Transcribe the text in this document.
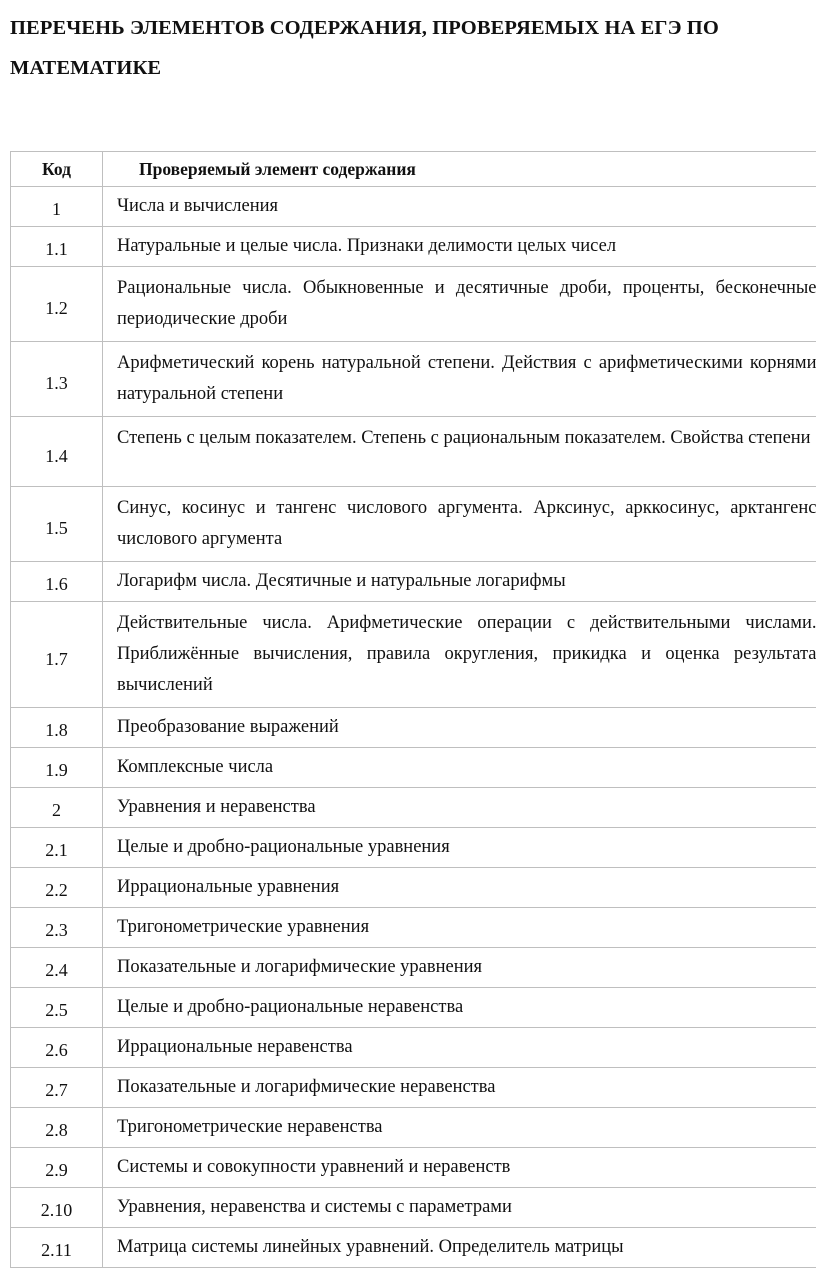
ПЕРЕЧЕНЬ ЭЛЕМЕНТОВ СОДЕРЖАНИЯ, ПРОВЕРЯЕМЫХ НА ЕГЭ ПО МАТЕМАТИКЕ
Код	Проверяемый элемент содержания
1	Числа и вычисления
1.1	Натуральные и целые числа. Признаки делимости целых чисел
1.2	Рациональные числа. Обыкновенные и десятичные дроби, проценты, бесконечные периодические дроби
1.3	Арифметический корень натуральной степени. Действия с арифметическими корнями натуральной степени
1.4	Степень с целым показателем. Степень с рациональным показателем. Свойства степени
1.5	Синус, косинус и тангенс числового аргумента. Арксинус, арккосинус, арктангенс числового аргумента
1.6	Логарифм числа. Десятичные и натуральные логарифмы
1.7	Действительные числа. Арифметические операции с действительными числами. Приближённые вычисления, правила округления, прикидка и оценка результата вычислений
1.8	Преобразование выражений
1.9	Комплексные числа
2	Уравнения и неравенства
2.1	Целые и дробно-рациональные уравнения
2.2	Иррациональные уравнения
2.3	Тригонометрические уравнения
2.4	Показательные и логарифмические уравнения
2.5	Целые и дробно-рациональные неравенства
2.6	Иррациональные неравенства
2.7	Показательные и логарифмические неравенства
2.8	Тригонометрические неравенства
2.9	Системы и совокупности уравнений и неравенств
2.10	Уравнения, неравенства и системы с параметрами
2.11	Матрица системы линейных уравнений. Определитель матрицы
